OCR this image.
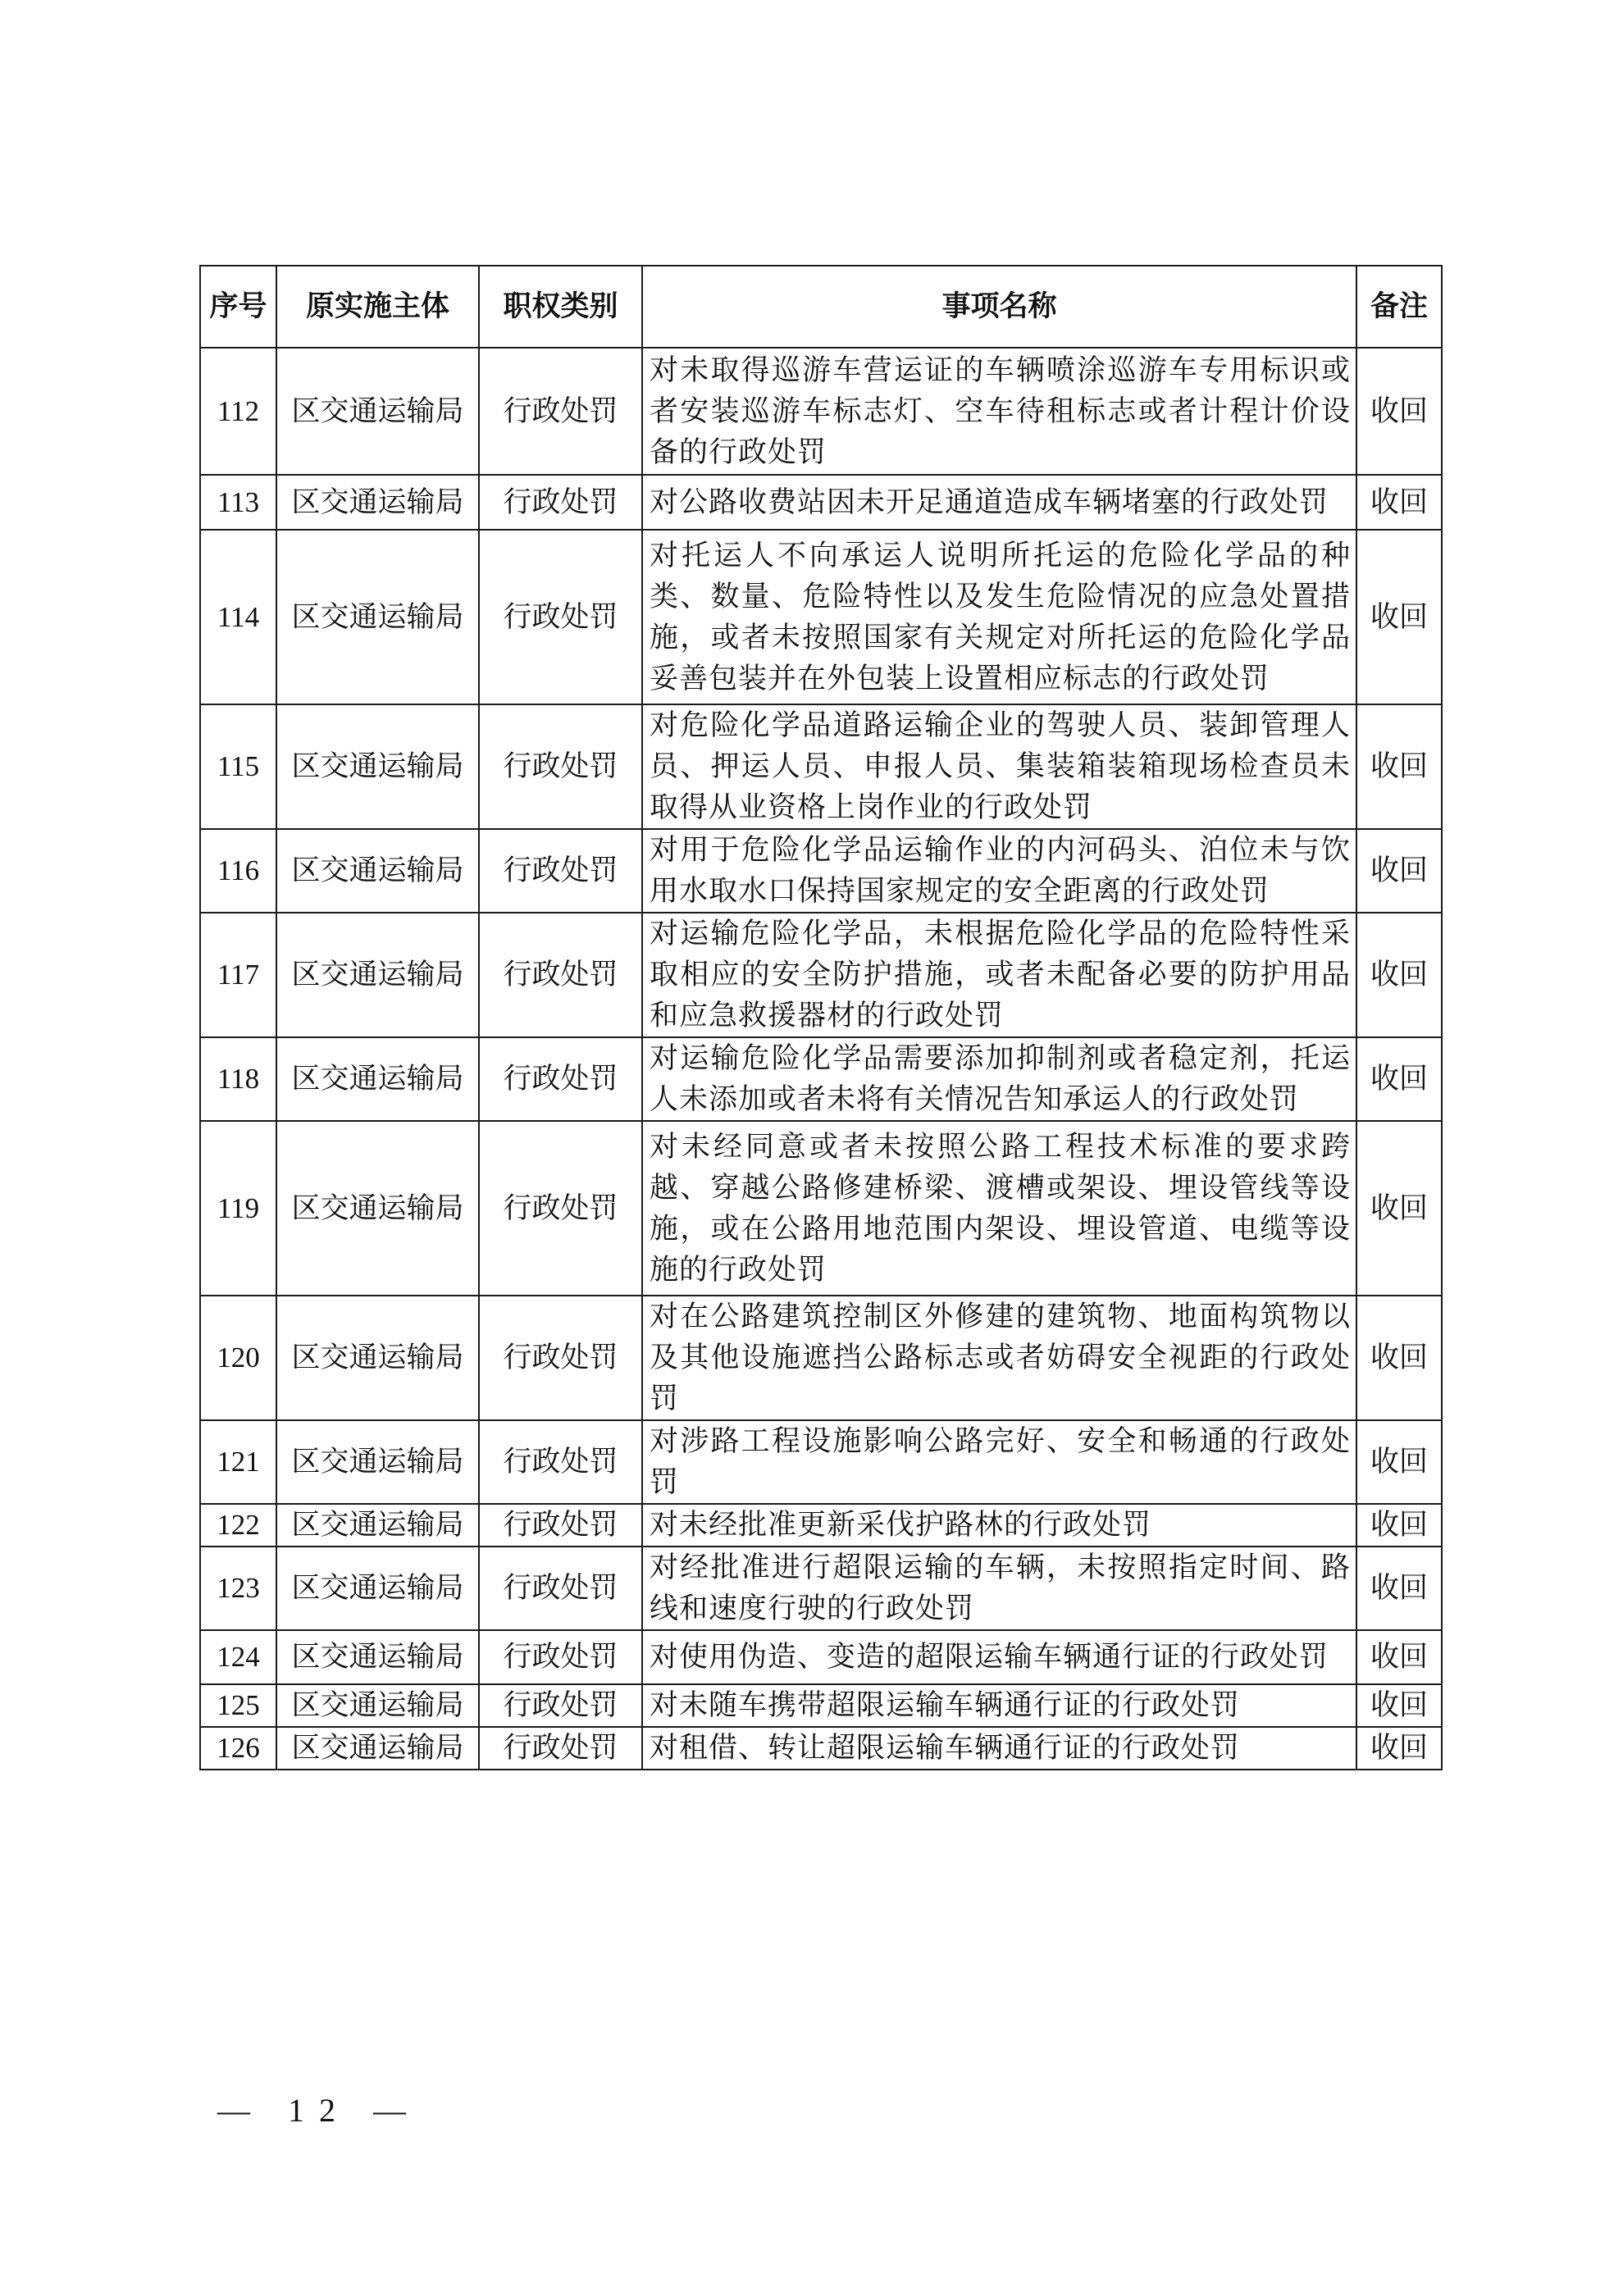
序号	原实施主体	职权类别	事项名称	备注
112	区交通运输局	行政处罚	对未取得巡游车营运证的车辆喷涂巡游车专用标识或者安装巡游车标志灯、空车待租标志或者计程计价设备的行政处罚	收回
113	区交通运输局	行政处罚	对公路收费站因未开足通道造成车辆堵塞的行政处罚	收回
114	区交通运输局	行政处罚	对托运人不向承运人说明所托运的危险化学品的种类、数量、危险特性以及发生危险情况的应急处置措施，或者未按照国家有关规定对所托运的危险化学品妥善包装并在外包装上设置相应标志的行政处罚	收回
115	区交通运输局	行政处罚	对危险化学品道路运输企业的驾驶人员、装卸管理人员、押运人员、申报人员、集装箱装箱现场检查员未取得从业资格上岗作业的行政处罚	收回
116	区交通运输局	行政处罚	对用于危险化学品运输作业的内河码头、泊位未与饮用水取水口保持国家规定的安全距离的行政处罚	收回
117	区交通运输局	行政处罚	对运输危险化学品，未根据危险化学品的危险特性采取相应的安全防护措施，或者未配备必要的防护用品和应急救援器材的行政处罚	收回
118	区交通运输局	行政处罚	对运输危险化学品需要添加抑制剂或者稳定剂，托运人未添加或者未将有关情况告知承运人的行政处罚	收回
119	区交通运输局	行政处罚	对未经同意或者未按照公路工程技术标准的要求跨越、穿越公路修建桥梁、渡槽或架设、埋设管线等设施，或在公路用地范围内架设、埋设管道、电缆等设施的行政处罚	收回
120	区交通运输局	行政处罚	对在公路建筑控制区外修建的建筑物、地面构筑物以及其他设施遮挡公路标志或者妨碍安全视距的行政处罚	收回
121	区交通运输局	行政处罚	对涉路工程设施影响公路完好、安全和畅通的行政处罚	收回
122	区交通运输局	行政处罚	对未经批准更新采伐护路林的行政处罚	收回
123	区交通运输局	行政处罚	对经批准进行超限运输的车辆，未按照指定时间、路线和速度行驶的行政处罚	收回
124	区交通运输局	行政处罚	对使用伪造、变造的超限运输车辆通行证的行政处罚	收回
125	区交通运输局	行政处罚	对未随车携带超限运输车辆通行证的行政处罚	收回
126	区交通运输局	行政处罚	对租借、转让超限运输车辆通行证的行政处罚	收回
— 12 —
